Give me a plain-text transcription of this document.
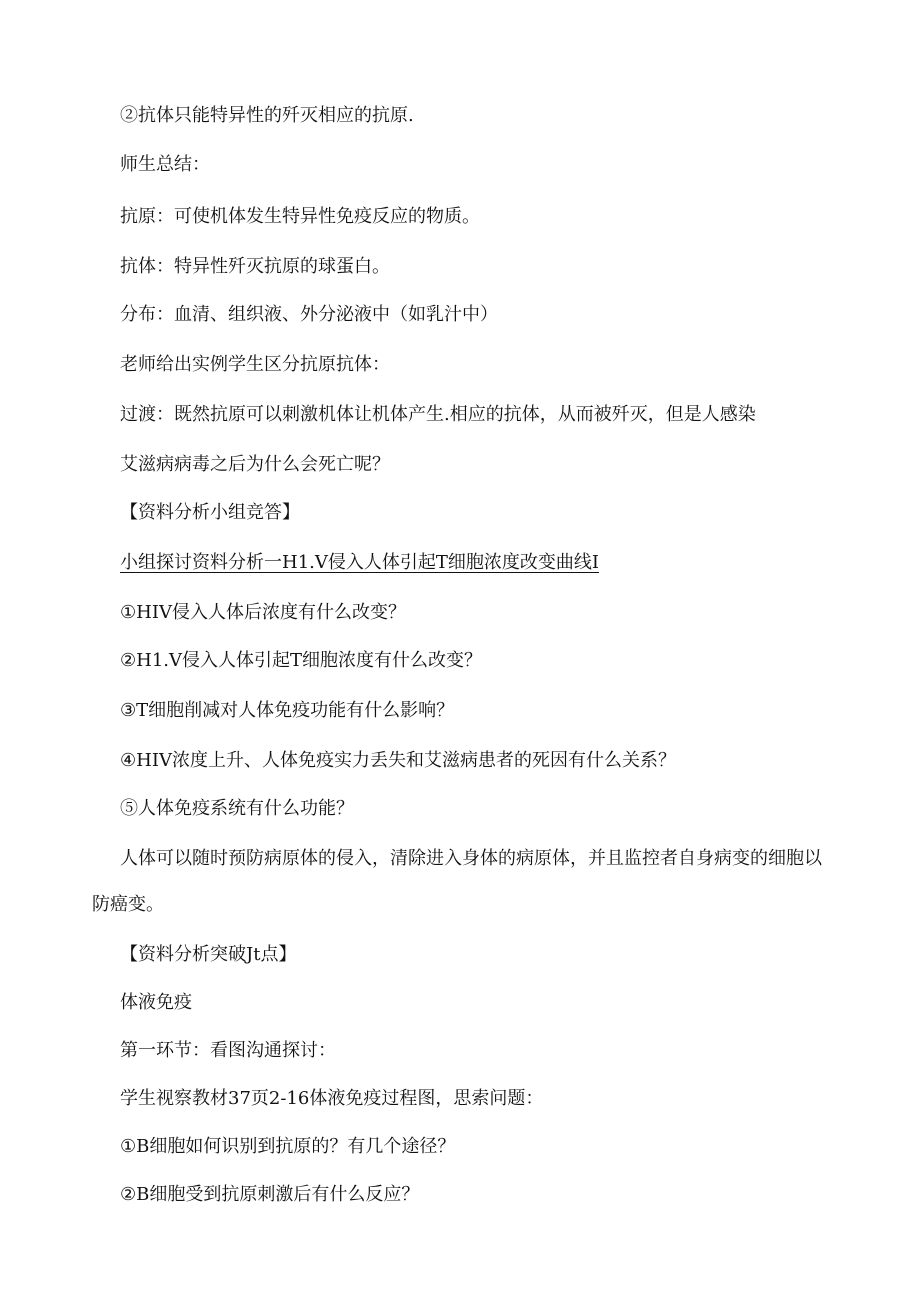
②抗体只能特异性的歼灭相应的抗原.
师生总结：
抗原：可使机体发生特异性免疫反应的物质。
抗体：特异性歼灭抗原的球蛋白。
分布：血清、组织液、外分泌液中（如乳汁中）
老师给出实例学生区分抗原抗体：
过渡：既然抗原可以刺激机体让机体产生.相应的抗体，从而被歼灭，但是人感染
艾滋病病毒之后为什么会死亡呢？
【资料分析小组竞答】
小组探讨资料分析一H1.V侵入人体引起T细胞浓度改变曲线I
①HIV侵入人体后浓度有什么改变？
②H1.V侵入人体引起T细胞浓度有什么改变？
③T细胞削减对人体免疫功能有什么影响？
④HIV浓度上升、人体免疫实力丢失和艾滋病患者的死因有什么关系？
⑤人体免疫系统有什么功能？
人体可以随时预防病原体的侵入，清除进入身体的病原体，并且监控者自身病变的细胞以
防癌变。
【资料分析突破Jt点】
体液免疫
第一环节：看图沟通探讨：
学生视察教材37页2-16体液免疫过程图，思索问题：
①B细胞如何识别到抗原的？有几个途径？
②B细胞受到抗原刺激后有什么反应？
